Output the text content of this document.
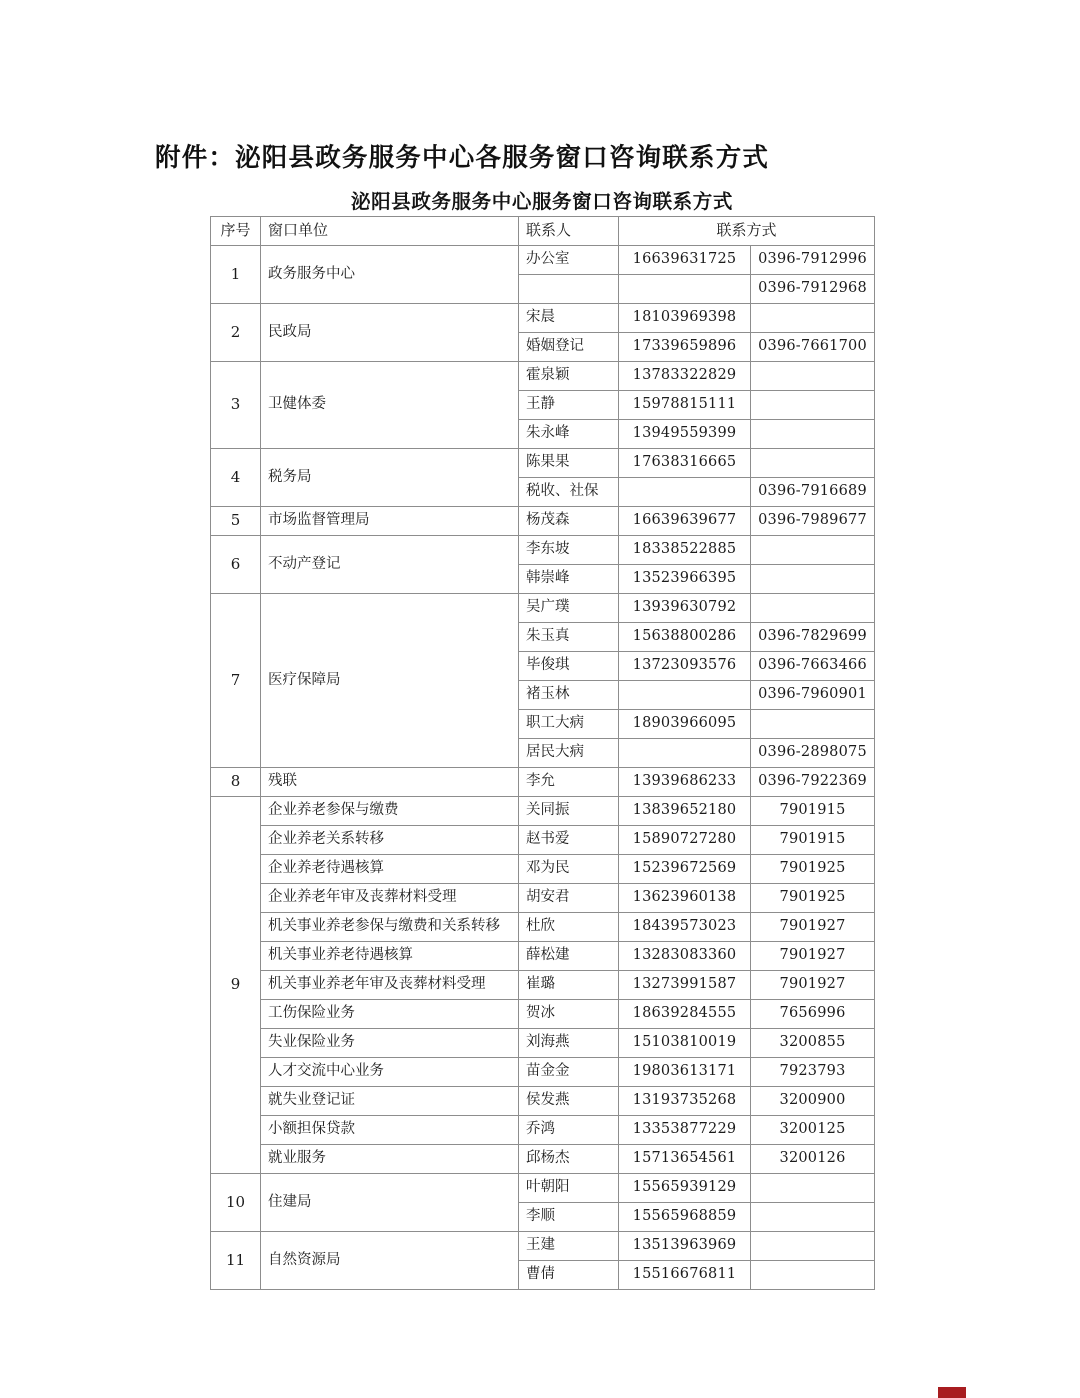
附件：泌阳县政务服务中心各服务窗口咨询联系方式
泌阳县政务服务中心服务窗口咨询联系方式
序号	窗口单位	联系人	联系方式	
1	政务服务中心	办公室	16639631725	0396-7912996
				0396-7912968
2	民政局	宋晨	18103969398	
		婚姻登记	17339659896	0396-7661700
3	卫健体委	霍泉颖	13783322829	
		王静	15978815111	
		朱永峰	13949559399	
4	税务局	陈果果	17638316665	
		税收、社保		0396-7916689
5	市场监督管理局	杨茂森	16639639677	0396-7989677
6	不动产登记	李东坡	18338522885	
		韩崇峰	13523966395	
7	医疗保障局	吴广璞	13939630792	
		朱玉真	15638800286	0396-7829699
		毕俊琪	13723093576	0396-7663466
		褚玉林		0396-7960901
		职工大病	18903966095	
		居民大病		0396-2898075
8	残联	李允	13939686233	0396-7922369
9	企业养老参保与缴费	关同振	13839652180	7901915
	企业养老关系转移	赵书爱	15890727280	7901915
	企业养老待遇核算	邓为民	15239672569	7901925
	企业养老年审及丧葬材料受理	胡安君	13623960138	7901925
	机关事业养老参保与缴费和关系转移	杜欣	18439573023	7901927
	机关事业养老待遇核算	薛松建	13283083360	7901927
	机关事业养老年审及丧葬材料受理	崔璐	13273991587	7901927
	工伤保险业务	贺冰	18639284555	7656996
	失业保险业务	刘海燕	15103810019	3200855
	人才交流中心业务	苗金金	19803613171	7923793
	就失业登记证	侯发燕	13193735268	3200900
	小额担保贷款	乔鸿	13353877229	3200125
	就业服务	邱杨杰	15713654561	3200126
10	住建局	叶朝阳	15565939129	
		李顺	15565968859	
11	自然资源局	王建	13513963969	
		曹倩	15516676811	
